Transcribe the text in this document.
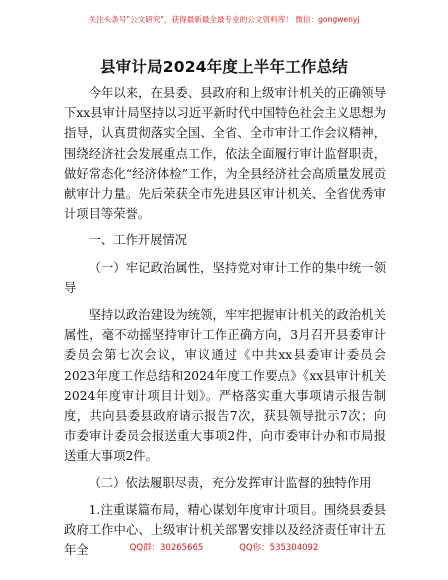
关注头条号"公文研究"，获得最新最全最专业的公文资料库！ 微信：gongwenyj
县审计局2024年度上半年工作总结

今年以来，在县委、县政府和上级审计机关的正确领导下xx县审计局坚持以习近平新时代中国特色社会主义思想为指导，认真贯彻落实全国、全省、全市审计工作会议精神，围绕经济社会发展重点工作，依法全面履行审计监督职责，做好常态化“经济体检”工作，为全县经济社会高质量发展贡献审计力量。先后荣获全市先进县区审计机关、全省优秀审计项目等荣誉。

一、工作开展情况

（一）牢记政治属性，坚持党对审计工作的集中统一领导

坚持以政治建设为统领，牢牢把握审计机关的政治机关属性，毫不动摇坚持审计工作正确方向，3月召开县委审计委员会第七次会议，审议通过《中共xx县委审计委员会2023年度工作总结和2024年度工作要点》《xx县审计机关2024年度审计项目计划》。严格落实重大事项请示报告制度，共向县委县政府请示报告7次，获县领导批示7次；向市委审计委员会报送重大事项2件，向市委审计办和市局报送重大事项2件。

（二）依法履职尽责，充分发挥审计监督的独特作用

1.注重谋篇布局，精心谋划年度审计项目。围绕县委县政府工作中心、上级审计机关部署安排以及经济责任审计五年全	QQ群：30265665	QQ你：535304092
